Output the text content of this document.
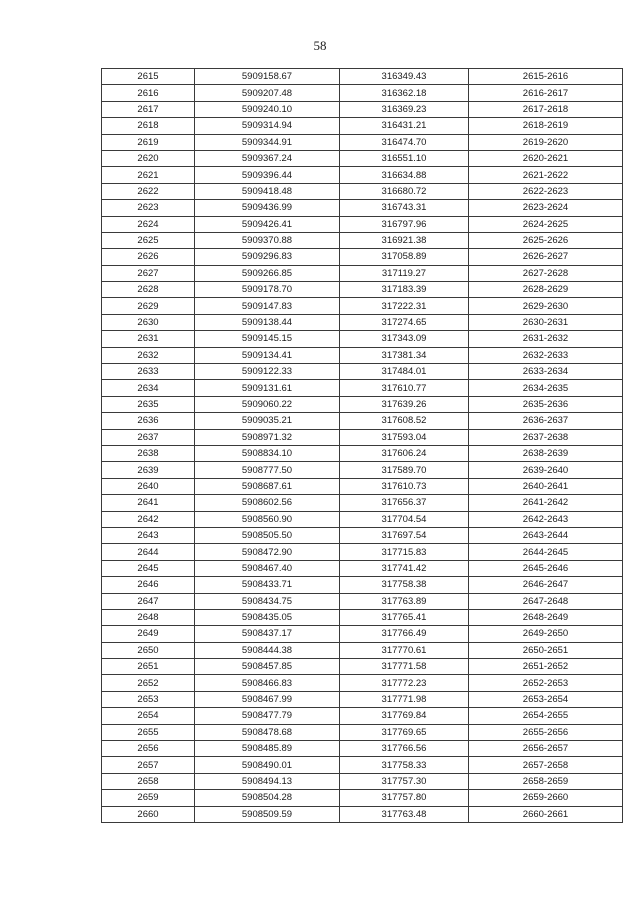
58
2615	5909158.67	316349.43	2615-2616
2616	5909207.48	316362.18	2616-2617
2617	5909240.10	316369.23	2617-2618
2618	5909314.94	316431.21	2618-2619
2619	5909344.91	316474.70	2619-2620
2620	5909367.24	316551.10	2620-2621
2621	5909396.44	316634.88	2621-2622
2622	5909418.48	316680.72	2622-2623
2623	5909436.99	316743.31	2623-2624
2624	5909426.41	316797.96	2624-2625
2625	5909370.88	316921.38	2625-2626
2626	5909296.83	317058.89	2626-2627
2627	5909266.85	317119.27	2627-2628
2628	5909178.70	317183.39	2628-2629
2629	5909147.83	317222.31	2629-2630
2630	5909138.44	317274.65	2630-2631
2631	5909145.15	317343.09	2631-2632
2632	5909134.41	317381.34	2632-2633
2633	5909122.33	317484.01	2633-2634
2634	5909131.61	317610.77	2634-2635
2635	5909060.22	317639.26	2635-2636
2636	5909035.21	317608.52	2636-2637
2637	5908971.32	317593.04	2637-2638
2638	5908834.10	317606.24	2638-2639
2639	5908777.50	317589.70	2639-2640
2640	5908687.61	317610.73	2640-2641
2641	5908602.56	317656.37	2641-2642
2642	5908560.90	317704.54	2642-2643
2643	5908505.50	317697.54	2643-2644
2644	5908472.90	317715.83	2644-2645
2645	5908467.40	317741.42	2645-2646
2646	5908433.71	317758.38	2646-2647
2647	5908434.75	317763.89	2647-2648
2648	5908435.05	317765.41	2648-2649
2649	5908437.17	317766.49	2649-2650
2650	5908444.38	317770.61	2650-2651
2651	5908457.85	317771.58	2651-2652
2652	5908466.83	317772.23	2652-2653
2653	5908467.99	317771.98	2653-2654
2654	5908477.79	317769.84	2654-2655
2655	5908478.68	317769.65	2655-2656
2656	5908485.89	317766.56	2656-2657
2657	5908490.01	317758.33	2657-2658
2658	5908494.13	317757.30	2658-2659
2659	5908504.28	317757.80	2659-2660
2660	5908509.59	317763.48	2660-2661
